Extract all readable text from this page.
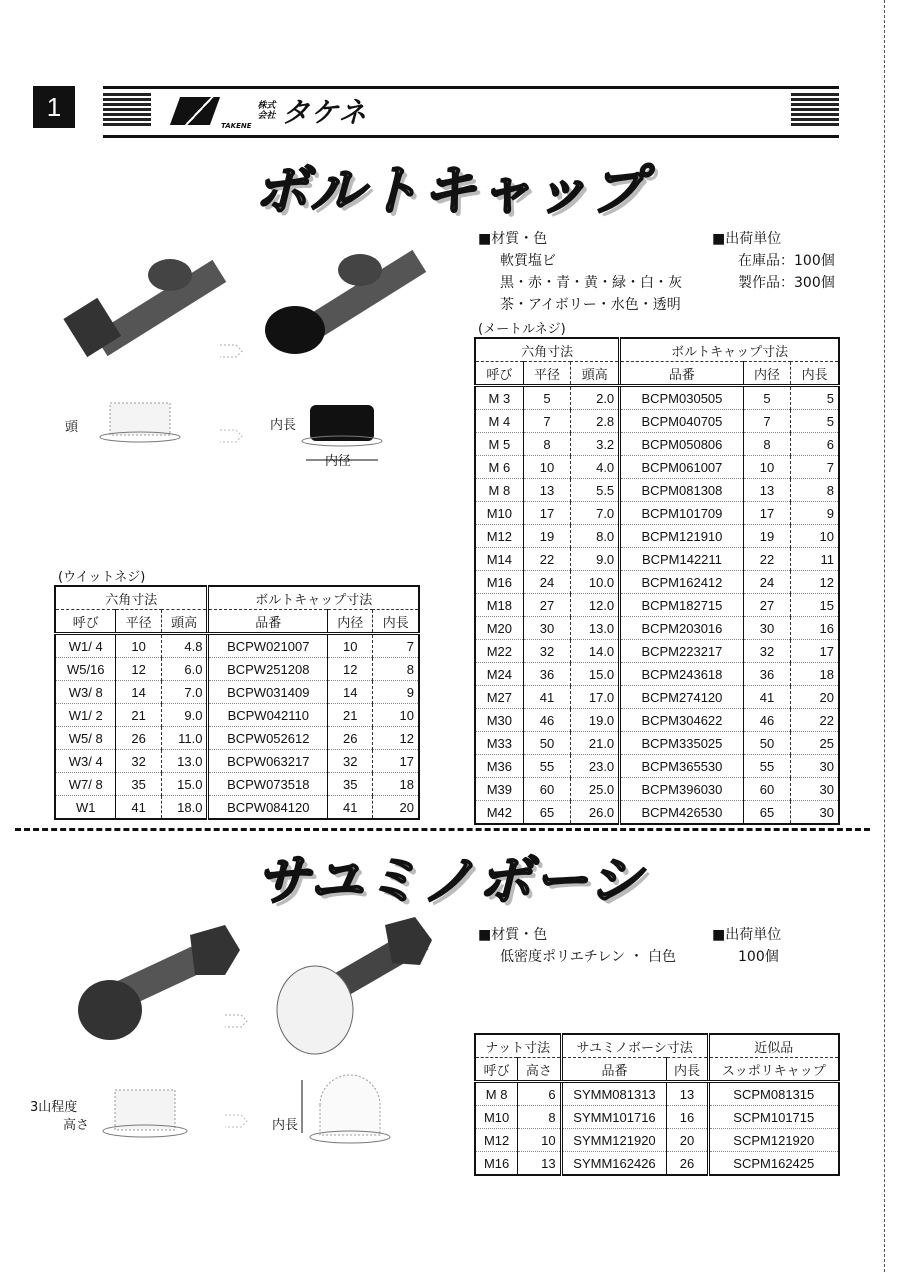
1
TAKENE
株式
会社 タケネ
ボルトキャップ
頭	内長
内径
■材質・色
軟質塩ビ
黒・赤・青・黄・緑・白・灰
茶・アイボリー・水色・透明
■出荷単位
在庫品：100個
製作品：300個
(メートルネジ)
六角寸法			ボルトキャップ寸法		
呼び	平径	頭高	品番	内径	内長
M 3	5	2.0	BCPM030505	5	5
M 4	7	2.8	BCPM040705	7	5
M 5	8	3.2	BCPM050806	8	6
M 6	10	4.0	BCPM061007	10	7
M 8	13	5.5	BCPM081308	13	8
M10	17	7.0	BCPM101709	17	9
M12	19	8.0	BCPM121910	19	10
M14	22	9.0	BCPM142211	22	11
M16	24	10.0	BCPM162412	24	12
M18	27	12.0	BCPM182715	27	15
M20	30	13.0	BCPM203016	30	16
M22	32	14.0	BCPM223217	32	17
M24	36	15.0	BCPM243618	36	18
M27	41	17.0	BCPM274120	41	20
M30	46	19.0	BCPM304622	46	22
M33	50	21.0	BCPM335025	50	25
M36	55	23.0	BCPM365530	55	30
M39	60	25.0	BCPM396030	60	30
M42	65	26.0	BCPM426530	65	30
(ウイットネジ)
六角寸法			ボルトキャップ寸法		
呼び	平径	頭高	品番	内径	内長
W1/ 4	10	4.8	BCPW021007	10	7
W5/16	12	6.0	BCPW251208	12	8
W3/ 8	14	7.0	BCPW031409	14	9
W1/ 2	21	9.0	BCPW042110	21	10
W5/ 8	26	11.0	BCPW052612	26	12
W3/ 4	32	13.0	BCPW063217	32	17
W7/ 8	35	15.0	BCPW073518	35	18
W1	41	18.0	BCPW084120	41	20
サユミノボーシ
3山程度
高さ	内長
■材質・色
低密度ポリエチレン ・ 白色
■出荷単位
100個
ナット寸法		サユミノボーシ寸法		近似品
呼び	高さ	品番	内長	スッポリキャップ
M 8	6	SYMM081313	13	SCPM081315
M10	8	SYMM101716	16	SCPM101715
M12	10	SYMM121920	20	SCPM121920
M16	13	SYMM162426	26	SCPM162425
